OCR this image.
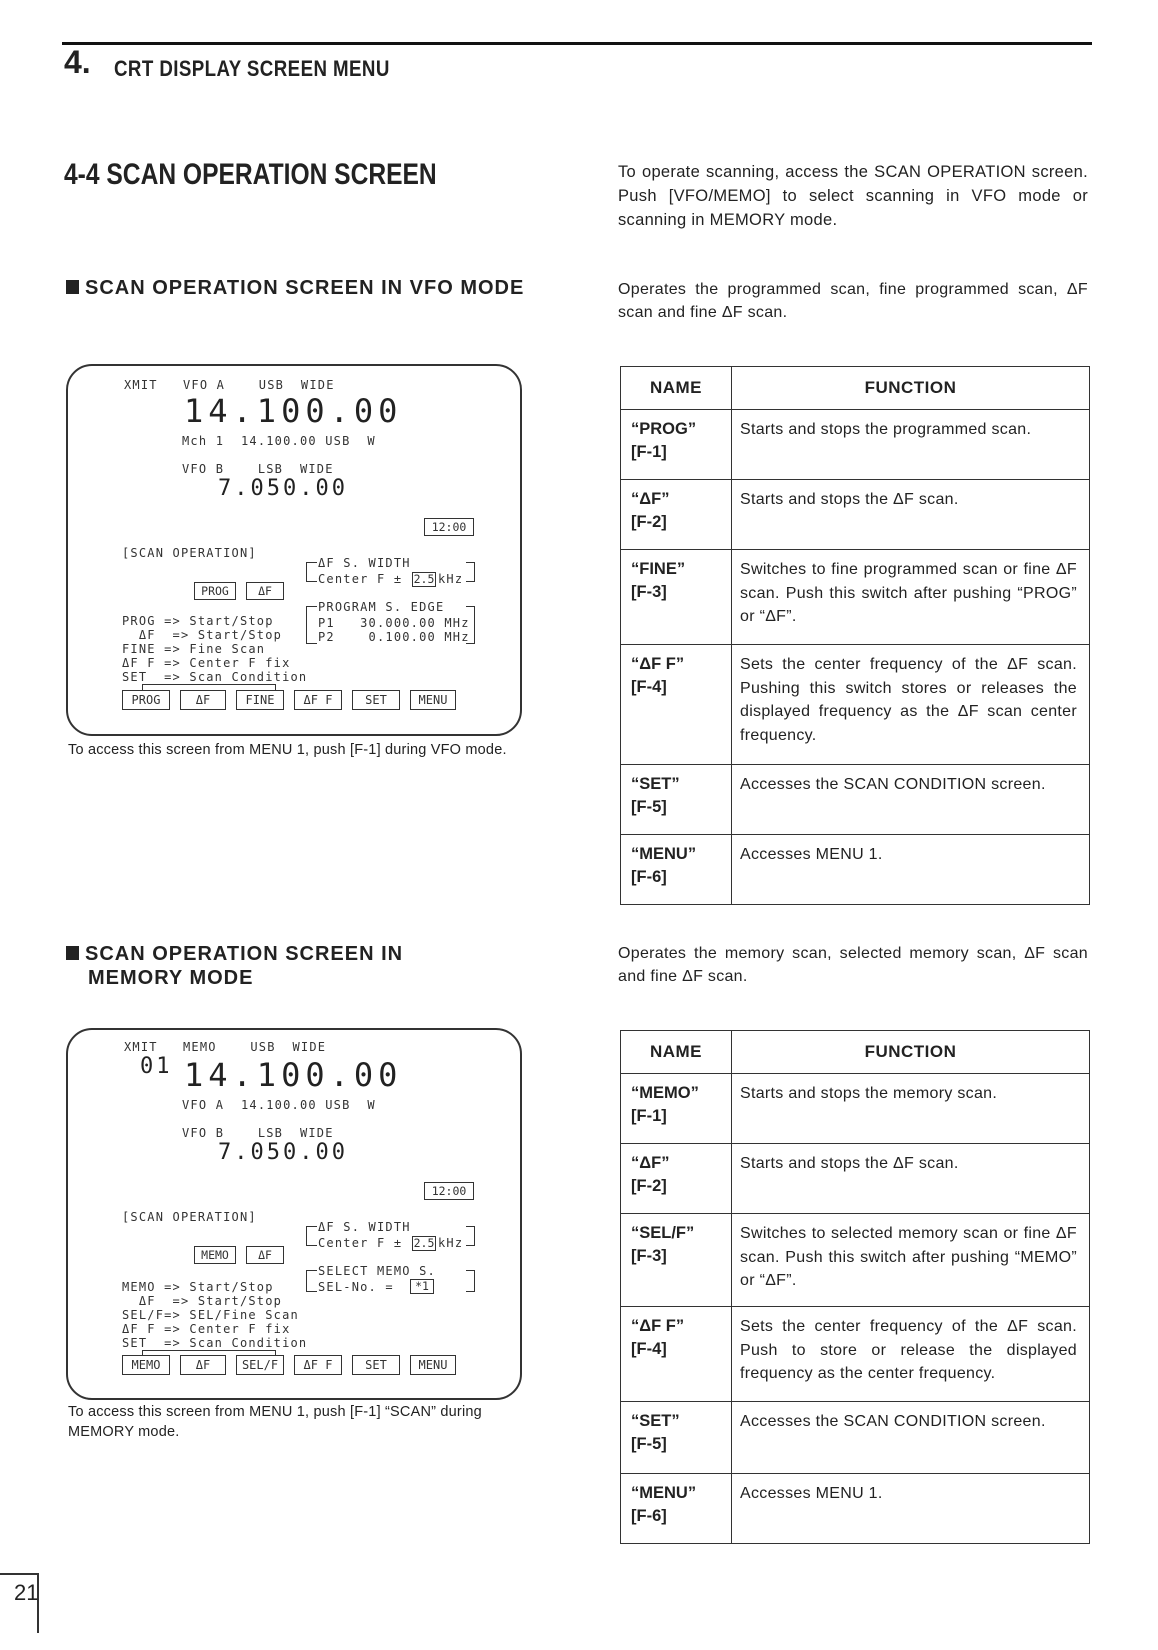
4. CRT DISPLAY SCREEN MENU
4-4 SCAN OPERATION SCREEN	To operate scanning, access the SCAN OPERATION screen. Push [VFO/MEMO] to select scanning in VFO mode or scanning in MEMORY mode.
SCAN OPERATION SCREEN IN VFO MODE	Operates the programmed scan, fine programmed scan, ΔF scan and fine ΔF scan.
XMIT   VFO A    USB  WIDE
14.100.00
Mch 1  14.100.00 USB  W
VFO B    LSB  WIDE
7.050.00
12:00
[SCAN OPERATION]
ΔF S. WIDTH
Center F ± 2.5 kHz
PROG	ΔF
PROGRAM S. EDGE
P1   30.000.00 MHz
P2    0.100.00 MHz
PROG => Start/Stop
ΔF  => Start/Stop
FINE => Fine Scan
ΔF F => Center F fix
SET  => Scan Condition
PROG	ΔF	FINE	ΔF F	SET	MENU
To access this screen from MENU 1, push [F-1] during VFO mode.
NAME	FUNCTION
“PROG”
[F-1]	Starts and stops the programmed scan.
“ΔF”
[F-2]	Starts and stops the ΔF scan.
“FINE”
[F-3]	Switches to fine programmed scan or fine ΔF scan. Push this switch after pushing “PROG” or “ΔF”.
“ΔF F”
[F-4]	Sets the center frequency of the ΔF scan. Pushing this switch stores or releases the displayed frequency as the ΔF scan center frequency.
“SET”
[F-5]	Accesses the SCAN CONDITION screen.
“MENU”
[F-6]	Accesses MENU 1.
SCAN OPERATION SCREEN IN
MEMORY MODE
Operates the memory scan, selected memory scan, ΔF scan and fine ΔF scan.
XMIT   MEMO    USB  WIDE
01 14.100.00
VFO A  14.100.00 USB  W
VFO B    LSB  WIDE
7.050.00
12:00
[SCAN OPERATION]
ΔF S. WIDTH
Center F ± 2.5 kHz
MEMO	ΔF
SELECT MEMO S.
SEL-No. =	*1
MEMO => Start/Stop
ΔF  => Start/Stop
SEL/F=> SEL/Fine Scan
ΔF F => Center F fix
SET  => Scan Condition
MEMO	ΔF	SEL/F	ΔF F	SET	MENU
To access this screen from MENU 1, push [F-1] “SCAN” during MEMORY mode.
NAME	FUNCTION
“MEMO”
[F-1]	Starts and stops the memory scan.
“ΔF”
[F-2]	Starts and stops the ΔF scan.
“SEL/F”
[F-3]	Switches to selected memory scan or fine ΔF scan. Push this switch after pushing “MEMO” or “ΔF”.
“ΔF F”
[F-4]	Sets the center frequency of the ΔF scan. Push to store or release the displayed frequency as the center frequency.
“SET”
[F-5]	Accesses the SCAN CONDITION screen.
“MENU”
[F-6]	Accesses MENU 1.
21
